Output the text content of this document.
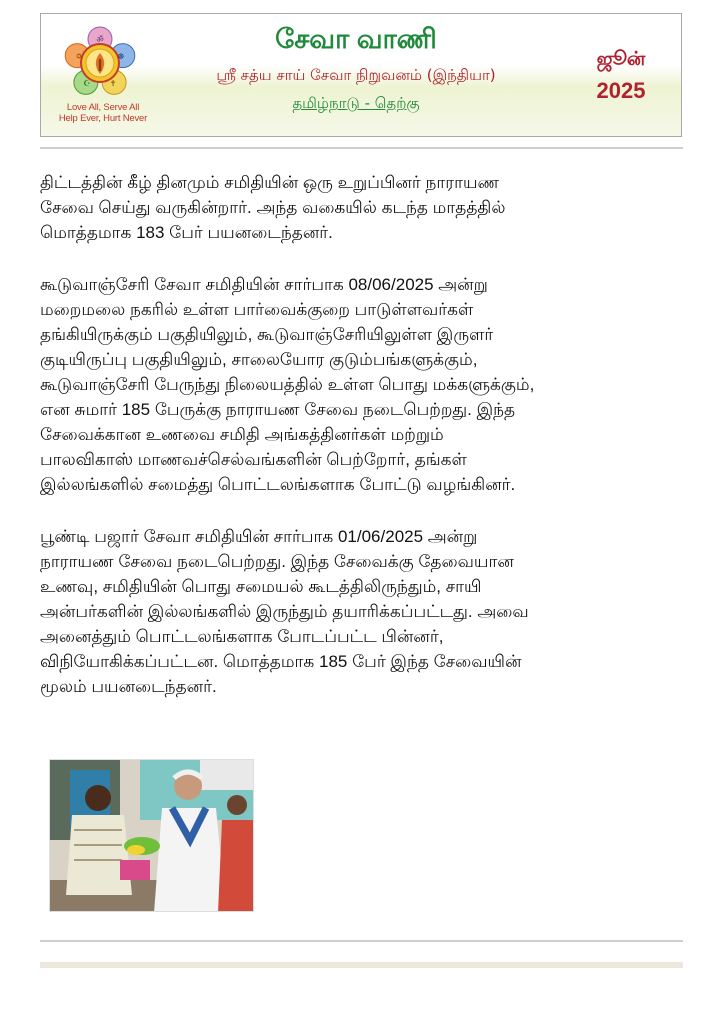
ॐ
☸
✝
☪
✡
Love All, Serve All
Help Ever, Hurt Never
சேவா வாணி
ஸ்ரீ சத்ய சாய் சேவா நிறுவனம் (இந்தியா)
தமிழ்நாடு - தெற்கு
ஜூன்
2025

திட்டத்தின் கீழ் தினமும் சமிதியின் ஒரு உறுப்பினர் நாராயண
சேவை செய்து வருகின்றார். அந்த வகையில் கடந்த மாதத்தில்
மொத்தமாக 183 பேர் பயனடைந்தனர்.

கூடுவாஞ்சேரி சேவா சமிதியின் சார்பாக 08/06/2025 அன்று
மறைமலை நகரில் உள்ள பார்வைக்குறை பாடுள்ளவர்கள்
தங்கியிருக்கும் பகுதியிலும், கூடுவாஞ்சேரியிலுள்ள இருளர்
குடியிருப்பு பகுதியிலும், சாலையோர குடும்பங்களுக்கும்,
கூடுவாஞ்சேரி பேருந்து நிலையத்தில் உள்ள பொது மக்களுக்கும்,
என சுமார் 185 பேருக்கு நாராயண சேவை நடைபெற்றது. இந்த
சேவைக்கான உணவை சமிதி அங்கத்தினர்கள் மற்றும்
பாலவிகாஸ் மாணவச்செல்வங்களின் பெற்றோர், தங்கள்
இல்லங்களில் சமைத்து பொட்டலங்களாக போட்டு வழங்கினர்.

பூண்டி பஜார் சேவா சமிதியின் சார்பாக 01/06/2025 அன்று
நாராயண சேவை நடைபெற்றது. இந்த சேவைக்கு தேவையான
உணவு, சமிதியின் பொது சமையல் கூடத்திலிருந்தும், சாயி
அன்பர்களின் இல்லங்களில் இருந்தும் தயாரிக்கப்பட்டது. அவை
அனைத்தும் பொட்டலங்களாக போடப்பட்ட பின்னர்,
விநியோகிக்கப்பட்டன. மொத்தமாக 185 பேர் இந்த சேவையின்
மூலம் பயனடைந்தனர்.
